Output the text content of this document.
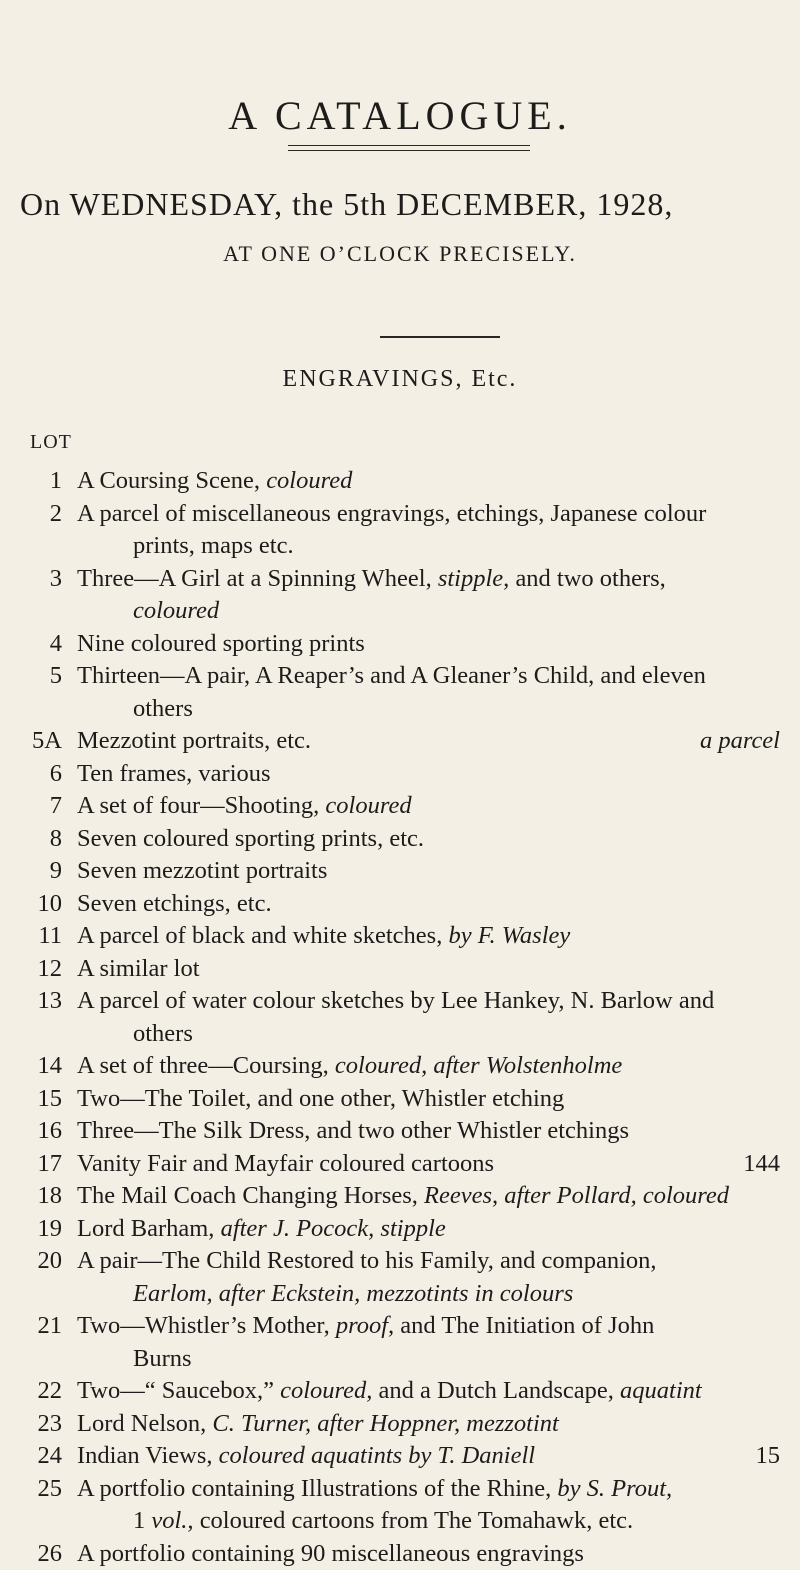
A CATALOGUE.
On WEDNESDAY, the 5th DECEMBER, 1928,
AT ONE O’CLOCK PRECISELY.
ENGRAVINGS, Etc.
LOT
1 A Coursing Scene, coloured
2 A parcel of miscellaneous engravings, etchings, Japanese colour
prints, maps etc.
3 Three—A Girl at a Spinning Wheel, stipple, and two others,
coloured
4 Nine coloured sporting prints
5 Thirteen—A pair, A Reaper’s and A Gleaner’s Child, and eleven
others
5A Mezzotint portraits, etc.	a parcel
6 Ten frames, various
7 A set of four—Shooting, coloured
8 Seven coloured sporting prints, etc.
9 Seven mezzotint portraits
10 Seven etchings, etc.
11 A parcel of black and white sketches, by F. Wasley
12 A similar lot
13 A parcel of water colour sketches by Lee Hankey, N. Barlow and
others
14 A set of three—Coursing, coloured, after Wolstenholme
15 Two—The Toilet, and one other, Whistler etching
16 Three—The Silk Dress, and two other Whistler etchings
17 Vanity Fair and Mayfair coloured cartoons	144
18 The Mail Coach Changing Horses, Reeves, after Pollard, coloured
19 Lord Barham, after J. Pocock, stipple
20 A pair—The Child Restored to his Family, and companion,
Earlom, after Eckstein, mezzotints in colours
21 Two—Whistler’s Mother, proof, and The Initiation of John
Burns
22 Two—“ Saucebox,” coloured, and a Dutch Landscape, aquatint
23 Lord Nelson, C. Turner, after Hoppner, mezzotint
24 Indian Views, coloured aquatints by T. Daniell	15
25 A portfolio containing Illustrations of the Rhine, by S. Prout,
1 vol., coloured cartoons from The Tomahawk, etc.
26 A portfolio containing 90 miscellaneous engravings
